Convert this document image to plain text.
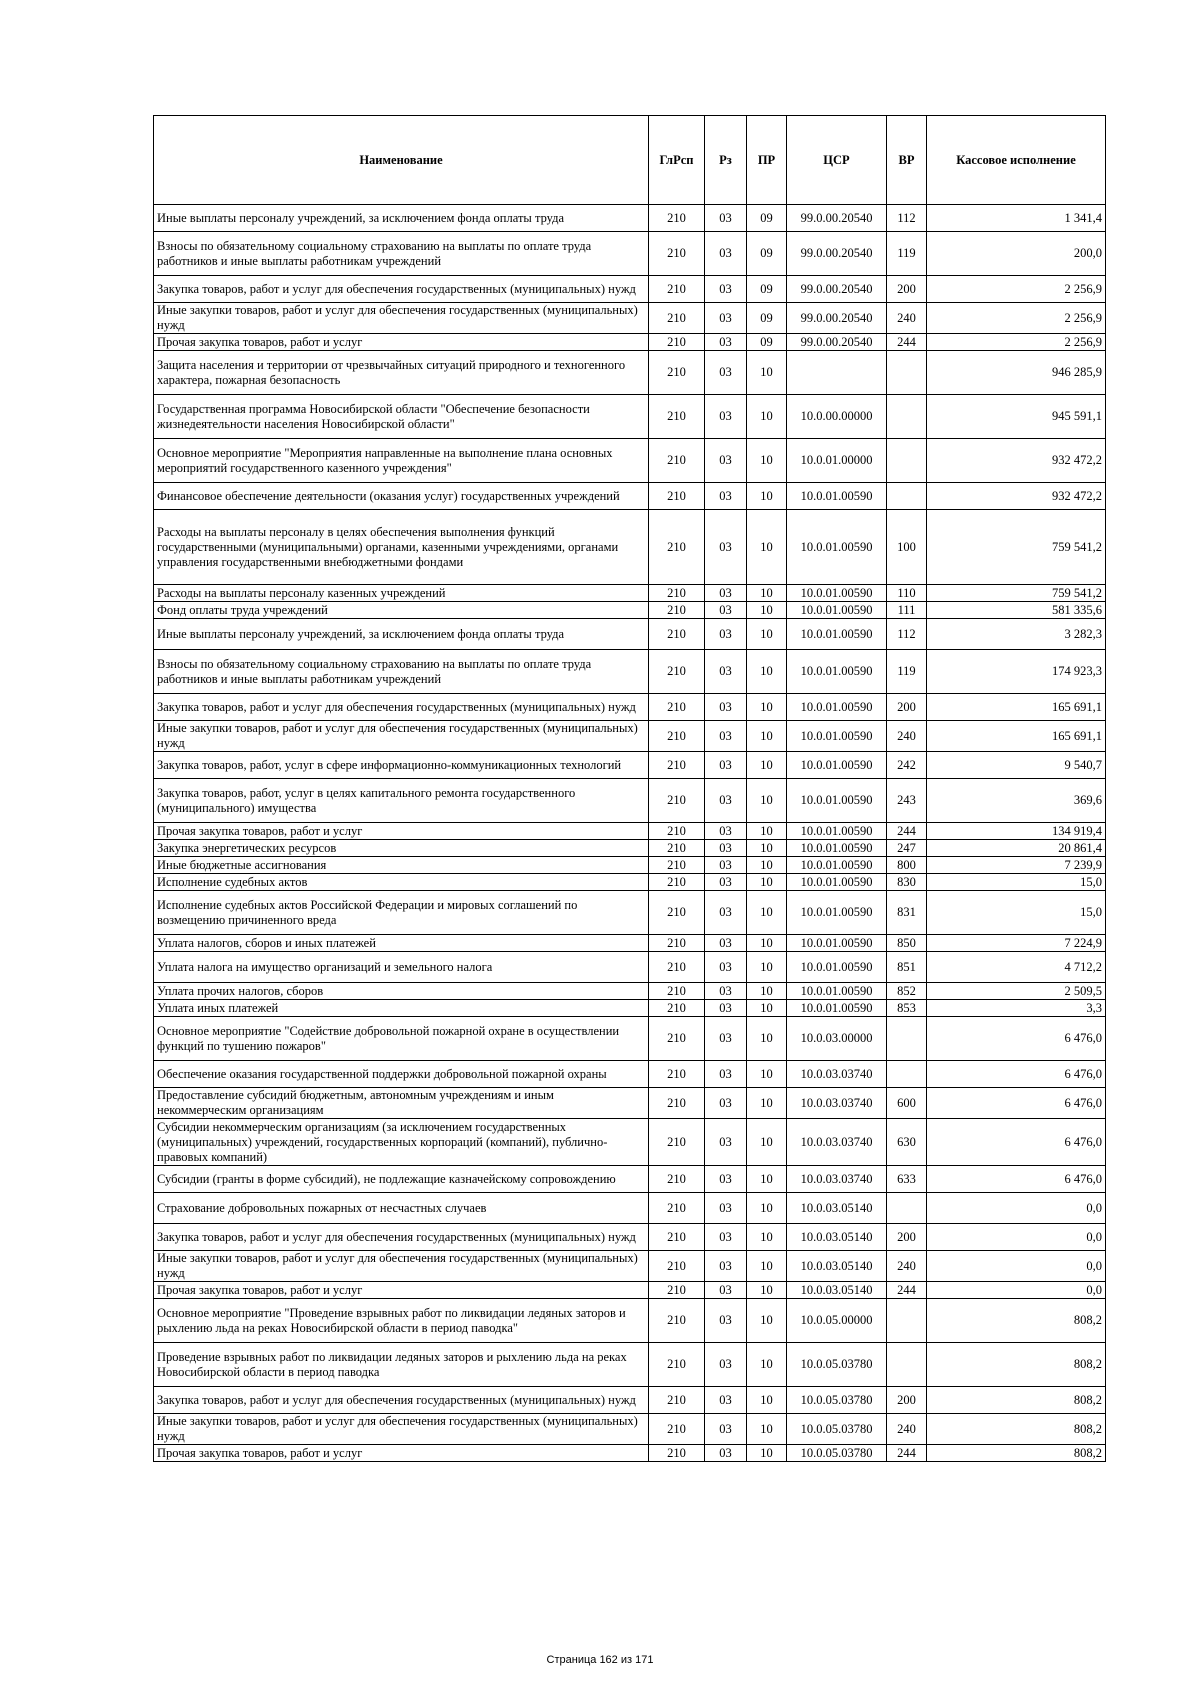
Наименование	ГлРсп	Рз	ПР	ЦСР	ВР	Кассовое исполнение
Иные выплаты персоналу учреждений, за исключением фонда оплаты труда	210	03	09	99.0.00.20540	112	1 341,4
Взносы по обязательному социальному страхованию на выплаты по оплате труда работников и иные выплаты работникам учреждений	210	03	09	99.0.00.20540	119	200,0
Закупка товаров, работ и услуг для обеспечения государственных (муниципальных) нужд	210	03	09	99.0.00.20540	200	2 256,9
Иные закупки товаров, работ и услуг для обеспечения государственных (муниципальных) нужд	210	03	09	99.0.00.20540	240	2 256,9
Прочая закупка товаров, работ и услуг	210	03	09	99.0.00.20540	244	2 256,9
Защита населения и территории от чрезвычайных ситуаций природного и техногенного характера, пожарная безопасность	210	03	10			946 285,9
Государственная программа Новосибирской области "Обеспечение безопасности жизнедеятельности населения Новосибирской области"	210	03	10	10.0.00.00000		945 591,1
Основное мероприятие "Мероприятия направленные на выполнение плана основных мероприятий государственного казенного учреждения"	210	03	10	10.0.01.00000		932 472,2
Финансовое обеспечение деятельности (оказания услуг) государственных учреждений	210	03	10	10.0.01.00590		932 472,2
Расходы на выплаты персоналу в целях обеспечения выполнения функций государственными (муниципальными) органами, казенными учреждениями, органами управления государственными внебюджетными фондами	210	03	10	10.0.01.00590	100	759 541,2
Расходы на выплаты персоналу казенных учреждений	210	03	10	10.0.01.00590	110	759 541,2
Фонд оплаты труда учреждений	210	03	10	10.0.01.00590	111	581 335,6
Иные выплаты персоналу учреждений, за исключением фонда оплаты труда	210	03	10	10.0.01.00590	112	3 282,3
Взносы по обязательному социальному страхованию на выплаты по оплате труда работников и иные выплаты работникам учреждений	210	03	10	10.0.01.00590	119	174 923,3
Закупка товаров, работ и услуг для обеспечения государственных (муниципальных) нужд	210	03	10	10.0.01.00590	200	165 691,1
Иные закупки товаров, работ и услуг для обеспечения государственных (муниципальных) нужд	210	03	10	10.0.01.00590	240	165 691,1
Закупка товаров, работ, услуг в сфере информационно-коммуникационных технологий	210	03	10	10.0.01.00590	242	9 540,7
Закупка товаров, работ, услуг в целях капитального ремонта государственного (муниципального) имущества	210	03	10	10.0.01.00590	243	369,6
Прочая закупка товаров, работ и услуг	210	03	10	10.0.01.00590	244	134 919,4
Закупка энергетических ресурсов	210	03	10	10.0.01.00590	247	20 861,4
Иные бюджетные ассигнования	210	03	10	10.0.01.00590	800	7 239,9
Исполнение судебных актов	210	03	10	10.0.01.00590	830	15,0
Исполнение судебных актов Российской Федерации и мировых соглашений по возмещению причиненного вреда	210	03	10	10.0.01.00590	831	15,0
Уплата налогов, сборов и иных платежей	210	03	10	10.0.01.00590	850	7 224,9
Уплата налога на имущество организаций и земельного налога	210	03	10	10.0.01.00590	851	4 712,2
Уплата прочих налогов, сборов	210	03	10	10.0.01.00590	852	2 509,5
Уплата иных платежей	210	03	10	10.0.01.00590	853	3,3
Основное мероприятие "Содействие добровольной пожарной охране в осуществлении функций по тушению пожаров"	210	03	10	10.0.03.00000		6 476,0
Обеспечение оказания государственной поддержки добровольной пожарной охраны	210	03	10	10.0.03.03740		6 476,0
Предоставление субсидий бюджетным, автономным учреждениям и иным некоммерческим организациям	210	03	10	10.0.03.03740	600	6 476,0
Субсидии некоммерческим организациям (за исключением государственных (муниципальных) учреждений, государственных корпораций (компаний), публично-правовых компаний)	210	03	10	10.0.03.03740	630	6 476,0
Субсидии (гранты в форме субсидий), не подлежащие казначейскому сопровождению	210	03	10	10.0.03.03740	633	6 476,0
Страхование добровольных пожарных от несчастных случаев	210	03	10	10.0.03.05140		0,0
Закупка товаров, работ и услуг для обеспечения государственных (муниципальных) нужд	210	03	10	10.0.03.05140	200	0,0
Иные закупки товаров, работ и услуг для обеспечения государственных (муниципальных) нужд	210	03	10	10.0.03.05140	240	0,0
Прочая закупка товаров, работ и услуг	210	03	10	10.0.03.05140	244	0,0
Основное мероприятие "Проведение взрывных работ по ликвидации ледяных заторов и рыхлению льда на реках Новосибирской области в период паводка"	210	03	10	10.0.05.00000		808,2
Проведение взрывных работ по ликвидации ледяных заторов и рыхлению льда на реках Новосибирской области в период паводка	210	03	10	10.0.05.03780		808,2
Закупка товаров, работ и услуг для обеспечения государственных (муниципальных) нужд	210	03	10	10.0.05.03780	200	808,2
Иные закупки товаров, работ и услуг для обеспечения государственных (муниципальных) нужд	210	03	10	10.0.05.03780	240	808,2
Прочая закупка товаров, работ и услуг	210	03	10	10.0.05.03780	244	808,2
Страница 162 из 171
